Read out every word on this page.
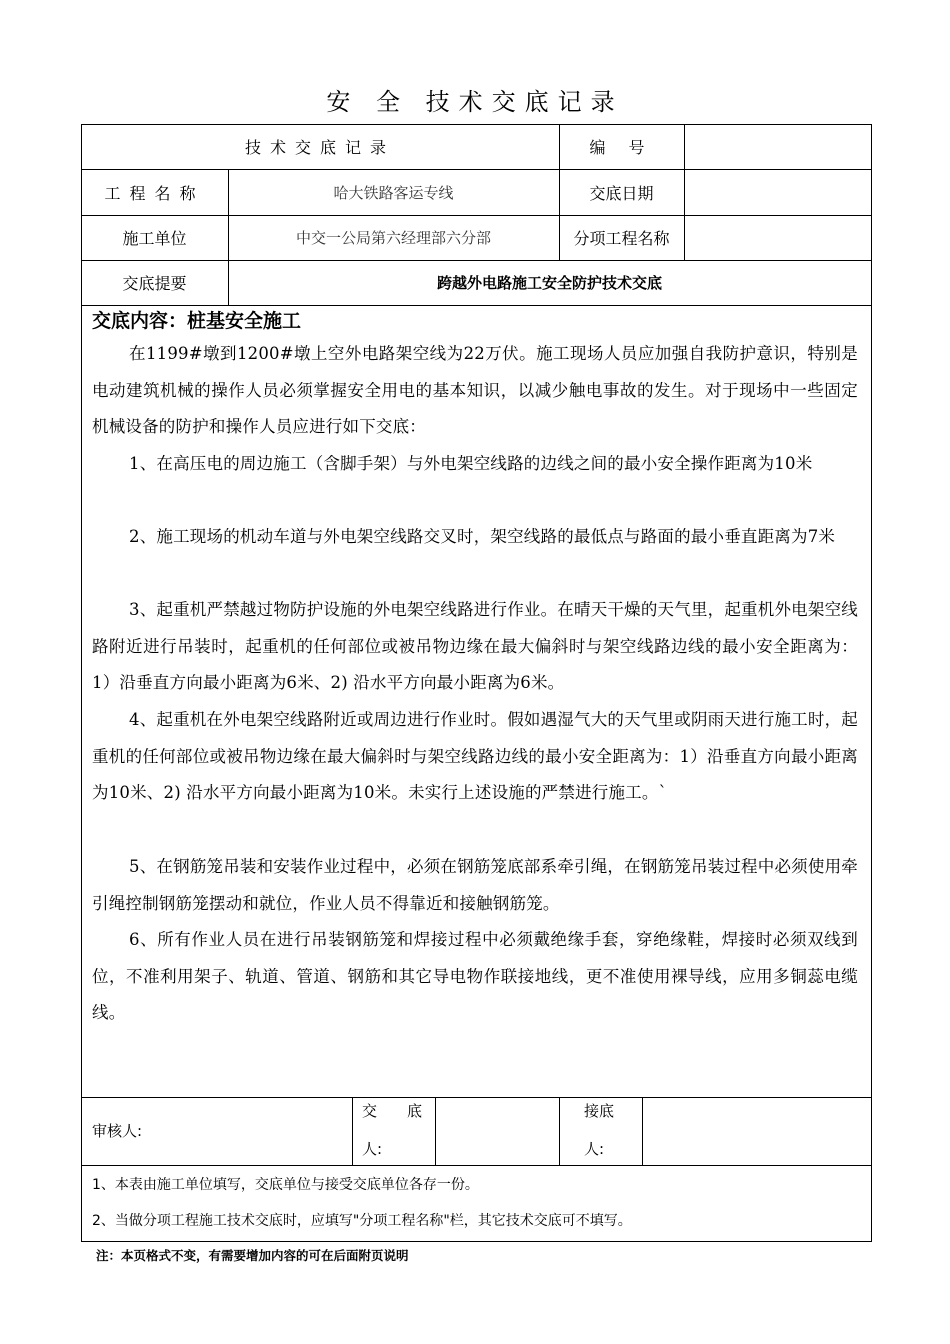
安 全 技术交底记录
技术交底记录	编 号
工程名称	哈大铁路客运专线	交底日期
施工单位	中交一公局第六经理部六分部	分项工程名称
交底提要	跨越外电路施工安全防护技术交底
交底内容：桩基安全施工
在1199#墩到1200#墩上空外电路架空线为22万伏。施工现场人员应加强自我防护意识，特别是电动建筑机械的操作人员必须掌握安全用电的基本知识，以减少触电事故的发生。对于现场中一些固定机械设备的防护和操作人员应进行如下交底：
1、在高压电的周边施工（含脚手架）与外电架空线路的边线之间的最小安全操作距离为10米
2、施工现场的机动车道与外电架空线路交叉时，架空线路的最低点与路面的最小垂直距离为7米
3、起重机严禁越过物防护设施的外电架空线路进行作业。在晴天干燥的天气里，起重机外电架空线路附近进行吊装时，起重机的任何部位或被吊物边缘在最大偏斜时与架空线路边线的最小安全距离为：1）沿垂直方向最小距离为6米、2) 沿水平方向最小距离为6米。
4、起重机在外电架空线路附近或周边进行作业时。假如遇湿气大的天气里或阴雨天进行施工时，起重机的任何部位或被吊物边缘在最大偏斜时与架空线路边线的最小安全距离为：1）沿垂直方向最小距离为10米、2) 沿水平方向最小距离为10米。未实行上述设施的严禁进行施工。`
5、在钢筋笼吊装和安装作业过程中，必须在钢筋笼底部系牵引绳，在钢筋笼吊装过程中必须使用牵引绳控制钢筋笼摆动和就位，作业人员不得靠近和接触钢筋笼。
6、所有作业人员在进行吊装钢筋笼和焊接过程中必须戴绝缘手套，穿绝缘鞋，焊接时必须双线到位，不准利用架子、轨道、管道、钢筋和其它导电物作联接地线，更不准使用裸导线，应用多铜蕊电缆线。
审核人:
交　　底
人:
接底
人:
1、本表由施工单位填写，交底单位与接受交底单位各存一份。
2、当做分项工程施工技术交底时，应填写"分项工程名称"栏，其它技术交底可不填写。
注：本页格式不变，有需要增加内容的可在后面附页说明
